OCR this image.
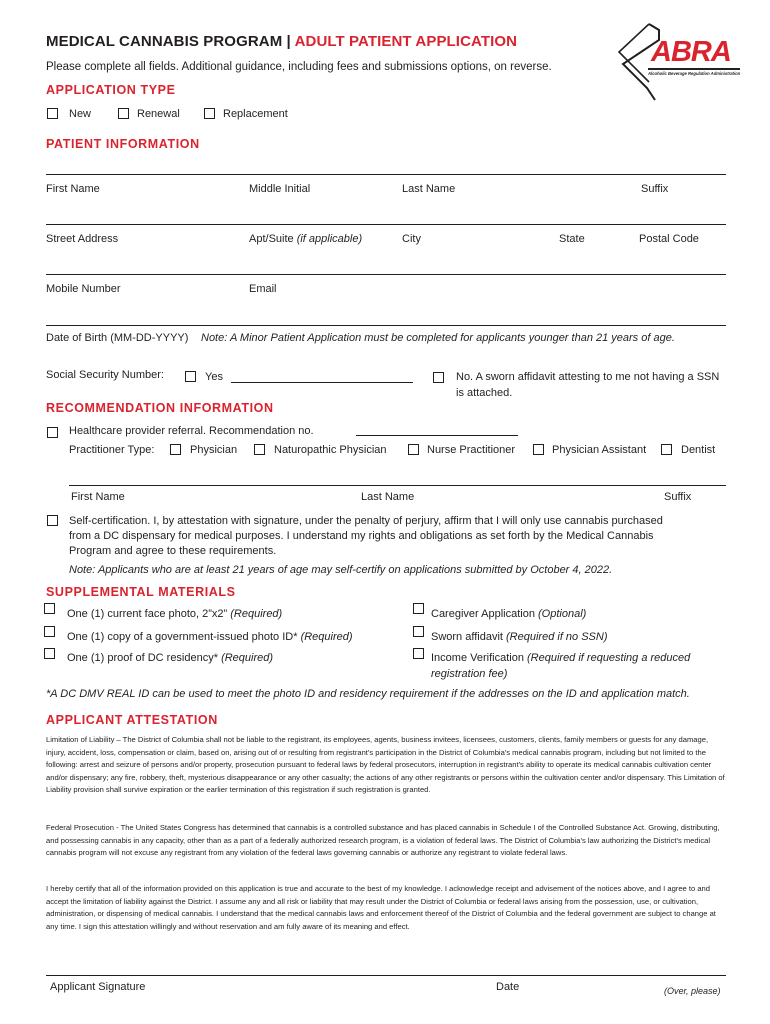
MEDICAL CANNABIS PROGRAM | ADULT PATIENT APPLICATION
Please complete all fields. Additional guidance, including fees and submissions options, on reverse.	ABRA
Alcoholic Beverage Regulation Administration
APPLICATION TYPE
New	Renewal	Replacement
PATIENT INFORMATION
First Name	Middle Initial	Last Name	Suffix
Street Address	Apt/Suite (if applicable)	City	State	Postal Code
Mobile Number	Email
Date of Birth (MM-DD-YYYY) Note: A Minor Patient Application must be completed for applicants younger than 21 years of age.
Social Security Number:	Yes	No. A sworn affidavit attesting to me not having a SSN
is attached.
RECOMMENDATION INFORMATION
Healthcare provider referral. Recommendation no.
Practitioner Type:	Physician	Naturopathic Physician	Nurse Practitioner	Physician Assistant	Dentist
First Name	Last Name	Suffix
Self-certification. I, by attestation with signature, under the penalty of perjury, affirm that I will only use cannabis purchased
from a DC dispensary for medical purposes. I understand my rights and obligations as set forth by the Medical Cannabis
Program and agree to these requirements.
Note: Applicants who are at least 21 years of age may self-certify on applications submitted by October 4, 2022.
SUPPLEMENTAL MATERIALS
One (1) current face photo, 2”x2” (Required)
One (1) copy of a government-issued photo ID* (Required)
One (1) proof of DC residency* (Required)
Caregiver Application (Optional)
Sworn affidavit (Required if no SSN)
Income Verification (Required if requesting a reduced
registration fee)
*A DC DMV REAL ID can be used to meet the photo ID and residency requirement if the addresses on the ID and application match.
APPLICANT ATTESTATION
Limitation of Liability – The District of Columbia shall not be liable to the registrant, its employees, agents, business invitees, licensees, customers, clients, family members or guests for any damage, injury, accident, loss, compensation or claim, based on, arising out of or resulting from registrant's participation in the District of Columbia's medical cannabis program, including but not limited to the following: arrest and seizure of persons and/or property, prosecution pursuant to federal laws by federal prosecutors, interruption in registrant's ability to operate its medical cannabis cultivation center and/or dispensary; any fire, robbery, theft, mysterious disappearance or any other casualty; the actions of any other registrants or persons within the cultivation center and/or dispensary. This Limitation of Liability provision shall survive expiration or the earlier termination of this registration if such registration is granted.
Federal Prosecution - The United States Congress has determined that cannabis is a controlled substance and has placed cannabis in Schedule I of the Controlled Substance Act. Growing, distributing, and possessing cannabis in any capacity, other than as a part of a federally authorized research program, is a violation of federal laws. The District of Columbia's law authorizing the District's medical cannabis program will not excuse any registrant from any violation of the federal laws governing cannabis or authorize any registrant to violate federal laws.
I hereby certify that all of the information provided on this application is true and accurate to the best of my knowledge. I acknowledge receipt and advisement of the notices above, and I agree to and accept the limitation of liability against the District. I assume any and all risk or liability that may result under the District of Columbia or federal laws arising from the possession, use, or cultivation, administration, or dispensing of medical cannabis. I understand that the medical cannabis laws and enforcement thereof of the District of Columbia and the federal government are subject to change at any time. I sign this attestation willingly and without reservation and am fully aware of its meaning and effect.
Applicant Signature	Date	(Over, please)
